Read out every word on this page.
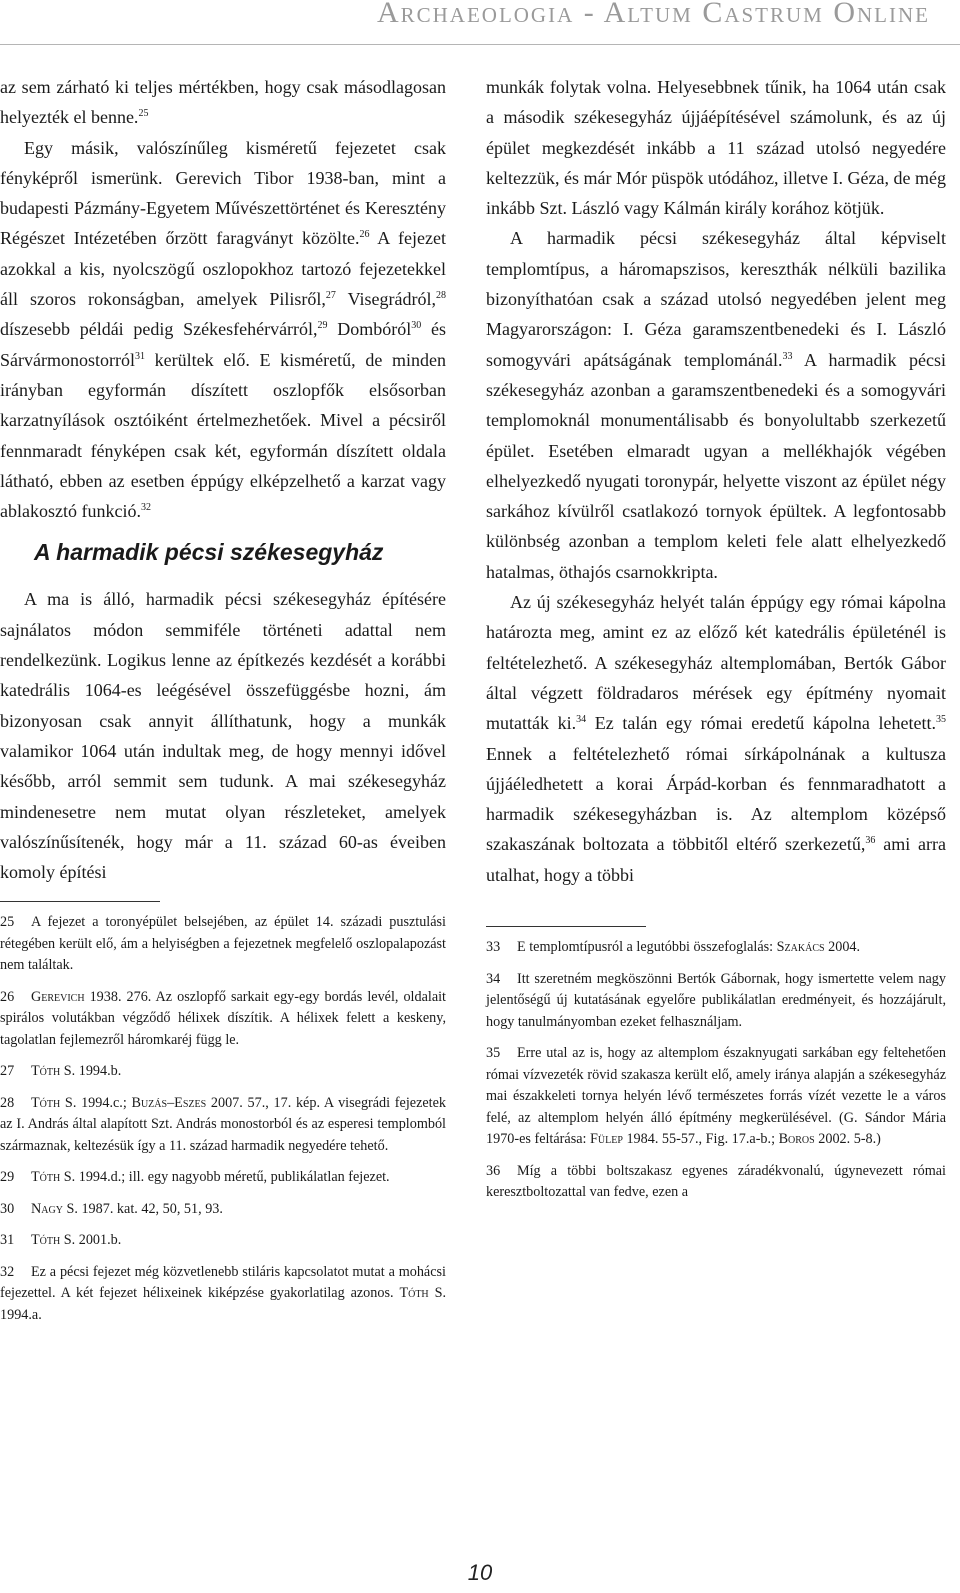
Archaeologia - Altum Castrum Online

az sem zárható ki teljes mértékben, hogy csak másodlagosan helyezték el benne.$^{25}$

Egy másik, valószínűleg kisméretű fejezetet csak fényképről ismerünk. Gerevich Tibor 1938-ban, mint a budapesti Pázmány-Egyetem Művészettörténet és Keresztény Régészet Intézetében őrzött faragványt közölte.$^{26}$ A fejezet azokkal a kis, nyolcszögű oszlopokhoz tartozó fejezetekkel áll szoros rokonságban, amelyek Pilisről,$^{27}$ Visegrádról,$^{28}$ díszesebb példái pedig Székesfehérvárról,$^{29}$ Dombóról$^{30}$ és Sárvármonostorról$^{31}$ kerültek elő. E kisméretű, de minden irányban egyformán díszített oszlopfők elsősorban karzatnyílások osztóiként értelmezhetőek. Mivel a pécsiről fennmaradt fényképen csak két, egyformán díszített oldala látható, ebben az esetben éppúgy elképzelhető a karzat vagy ablakosztó funkció.$^{32}$

A harmadik pécsi székesegyház

A ma is álló, harmadik pécsi székesegyház építésére sajnálatos módon semmiféle történeti adattal nem rendelkezünk. Logikus lenne az építkezés kezdését a korábbi katedrális 1064-es leégésével összefüggésbe hozni, ám bizonyosan csak annyit állíthatunk, hogy a munkák valamikor 1064 után indultak meg, de hogy mennyi idővel később, arról semmit sem tudunk. A mai székesegyház mindenesetre nem mutat olyan részleteket, amelyek valószínűsítenék, hogy már a 11. század 60-as éveiben komoly építési

25 A fejezet a toronyépület belsejében, az épület 14. századi pusztulási rétegében került elő, ám a helyiségben a fejezetnek megfelelő oszlopalapozást nem találtak.
26 Gerevich 1938. 276. Az oszlopfő sarkait egy-egy bordás levél, oldalait spirálos volutákban végződő hélixek díszítik. A hélixek felett a keskeny, tagolatlan fejlemezről háromkaréj függ le.
27 Tóth S. 1994.b.
28 Tóth S. 1994.c.; Buzás–Eszes 2007. 57., 17. kép. A visegrádi fejezetek az I. András által alapított Szt. András monostorból és az esperesi templomból származnak, keltezésük így a 11. század harmadik negyedére tehető.
29 Tóth S. 1994.d.; ill. egy nagyobb méretű, publikálatlan fejezet.
30 Nagy S. 1987. kat. 42, 50, 51, 93.
31 Tóth S. 2001.b.
32 Ez a pécsi fejezet még közvetlenebb stiláris kapcsolatot mutat a mohácsi fejezettel. A két fejezet hélixeinek kiképzése gyakorlatilag azonos. Tóth S. 1994.a.

munkák folytak volna. Helyesebbnek tűnik, ha 1064 után csak a második székesegyház újjáépítésével számolunk, és az új épület megkezdését inkább a 11 század utolsó negyedére keltezzük, és már Mór püspök utódához, illetve I. Géza, de még inkább Szt. László vagy Kálmán király korához kötjük.

A harmadik pécsi székesegyház által képviselt templomtípus, a háromapszisos, kereszthák nélküli bazilika bizonyíthatóan csak a század utolsó negyedében jelent meg Magyarországon: I. Géza garamszentbenedeki és I. László somogyvári apátságának templománál.$^{33}$ A harmadik pécsi székesegyház azonban a garamszentbenedeki és a somogyvári templomoknál monumentálisabb és bonyolultabb szerkezetű épület. Esetében elmaradt ugyan a mellékhajók végében elhelyezkedő nyugati toronypár, helyette viszont az épület négy sarkához kívülről csatlakozó tornyok épültek. A legfontosabb különbség azonban a templom keleti fele alatt elhelyezkedő hatalmas, öthajós csarnokkripta.

Az új székesegyház helyét talán éppúgy egy római kápolna határozta meg, amint ez az előző két katedrális épületénél is feltételezhető. A székesegyház altemplomában, Bertók Gábor által végzett földradaros mérések egy építmény nyomait mutatták ki.$^{34}$ Ez talán egy római eredetű kápolna lehetett.$^{35}$ Ennek a feltételezhető római sírkápolnának a kultusza újjáéledhetett a korai Árpád-korban és fennmaradhatott a harmadik székesegyházban is. Az altemplom középső szakaszának boltozata a többitől eltérő szerkezetű,$^{36}$ ami arra utalhat, hogy a többi

33 E templomtípusról a legutóbbi összefoglalás: Szakács 2004.
34 Itt szeretném megköszönni Bertók Gábornak, hogy ismertette velem nagy jelentőségű új kutatásának egyelőre publikálatlan eredményeit, és hozzájárult, hogy tanulmányomban ezeket felhasználjam.
35 Erre utal az is, hogy az altemplom északnyugati sarkában egy feltehetően római vízvezeték rövid szakasza került elő, amely iránya alapján a székesegyház mai északkeleti tornya helyén lévő természetes forrás vízét vezette le a város felé, az altemplom helyén álló építmény megkerülésével. (G. Sándor Mária 1970-es feltárása: Fülep 1984. 55-57., Fig. 17.a-b.; Boros 2002. 5-8.)
36 Míg a többi boltszakasz egyenes záradékvonalú, úgynevezett római keresztboltozattal van fedve, ezen a
10
